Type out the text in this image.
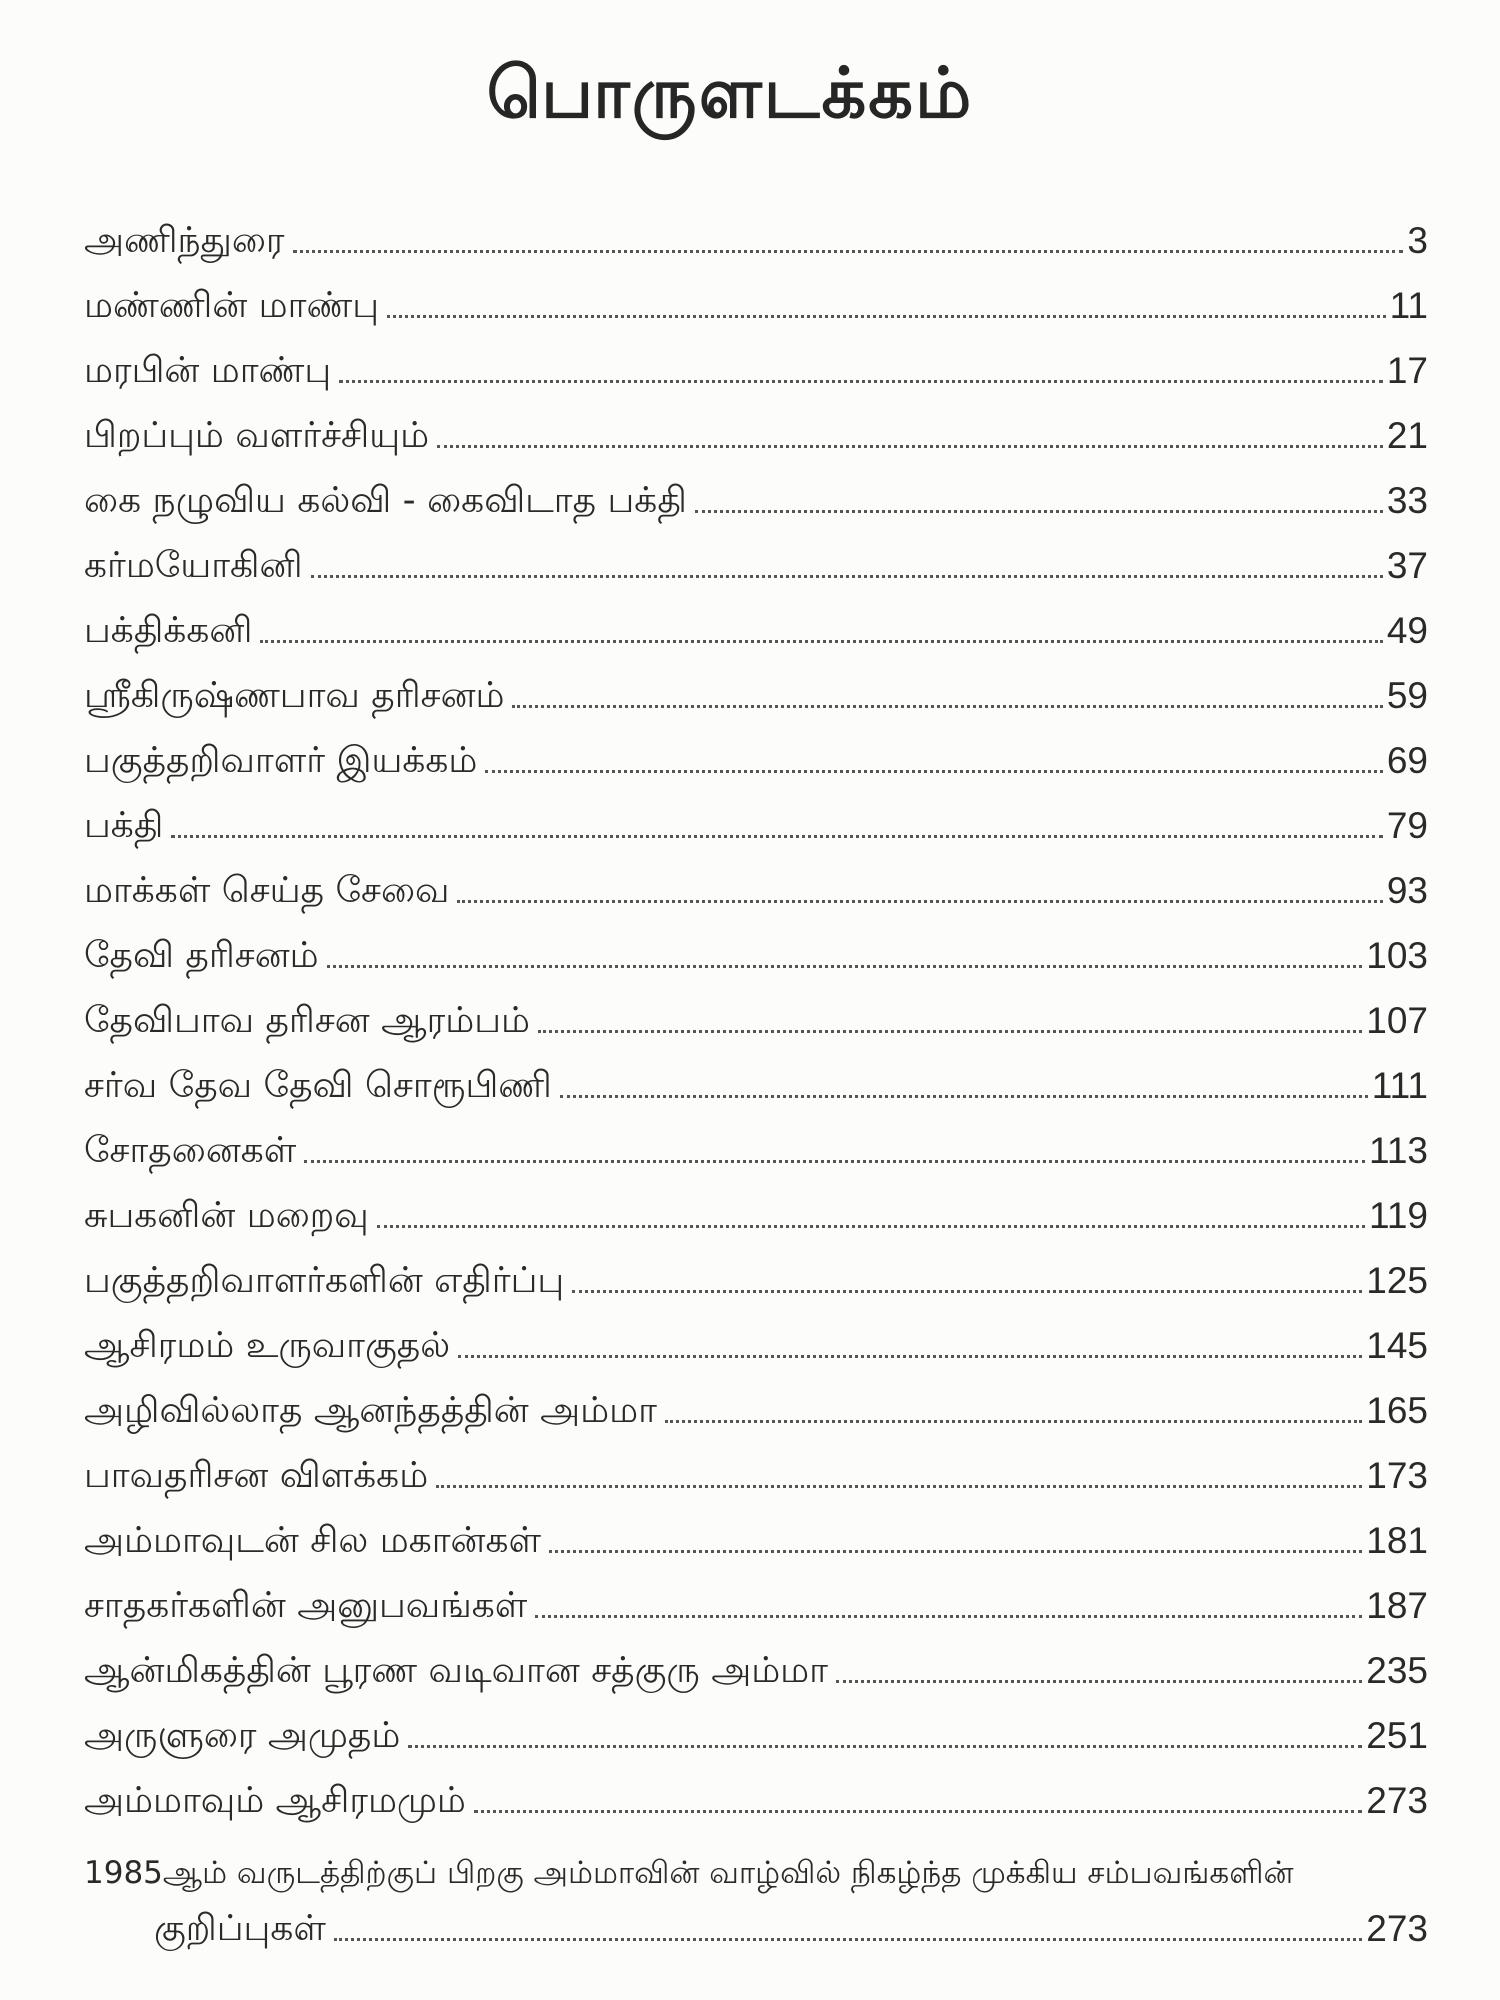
பொருளடக்கம்
அணிந்துரை	3
மண்ணின் மாண்பு	11
மரபின் மாண்பு	17
பிறப்பும் வளர்ச்சியும்	21
கை நழுவிய கல்வி - கைவிடாத பக்தி	33
கர்மயோகினி	37
பக்திக்கனி	49
ஸ்ரீகிருஷ்ணபாவ தரிசனம்	59
பகுத்தறிவாளர் இயக்கம்	69
பக்தி	79
மாக்கள் செய்த சேவை	93
தேவி தரிசனம்	103
தேவிபாவ தரிசன ஆரம்பம்	107
சர்வ தேவ தேவி சொரூபிணி	111
சோதனைகள்	113
சுபகனின் மறைவு	119
பகுத்தறிவாளர்களின் எதிர்ப்பு	125
ஆசிரமம் உருவாகுதல்	145
அழிவில்லாத ஆனந்தத்தின் அம்மா	165
பாவதரிசன விளக்கம்	173
அம்மாவுடன் சில மகான்கள்	181
சாதகர்களின் அனுபவங்கள்	187
ஆன்மிகத்தின் பூரண வடிவான சத்குரு அம்மா	235
அருளுரை அமுதம்	251
அம்மாவும் ஆசிரமமும்	273
1985ஆம் வருடத்திற்குப் பிறகு அம்மாவின் வாழ்வில் நிகழ்ந்த முக்கிய சம்பவங்களின்
குறிப்புகள்	273
